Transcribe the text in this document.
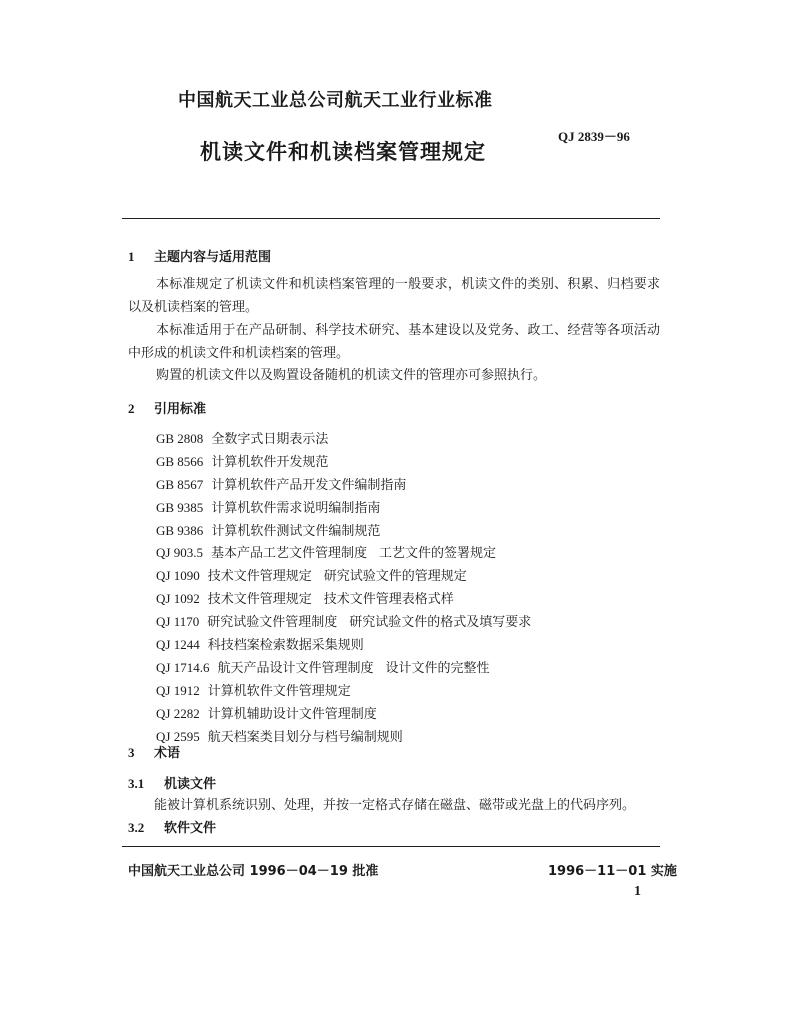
中国航天工业总公司航天工业行业标准
QJ 2839－96
机读文件和机读档案管理规定
1 主题内容与适用范围
本标准规定了机读文件和机读档案管理的一般要求，机读文件的类别、积累、归档要求以及机读档案的管理。
本标准适用于在产品研制、科学技术研究、基本建设以及党务、政工、经营等各项活动中形成的机读文件和机读档案的管理。
购置的机读文件以及购置设备随机的机读文件的管理亦可参照执行。
2 引用标准
GB 2808 全数字式日期表示法
GB 8566 计算机软件开发规范
GB 8567 计算机软件产品开发文件编制指南
GB 9385 计算机软件需求说明编制指南
GB 9386 计算机软件测试文件编制规范
QJ 903.5 基本产品工艺文件管理制度 工艺文件的签署规定
QJ 1090 技术文件管理规定 研究试验文件的管理规定
QJ 1092 技术文件管理规定 技术文件管理表格式样
QJ 1170 研究试验文件管理制度 研究试验文件的格式及填写要求
QJ 1244 科技档案检索数据采集规则
QJ 1714.6 航天产品设计文件管理制度 设计文件的完整性
QJ 1912 计算机软件文件管理规定
QJ 2282 计算机辅助设计文件管理制度
QJ 2595 航天档案类目划分与档号编制规则
3 术语
3.1 机读文件
能被计算机系统识别、处理，并按一定格式存储在磁盘、磁带或光盘上的代码序列。
3.2 软件文件
中国航天工业总公司 1996－04－19 批准	1996－11－01 实施
1
